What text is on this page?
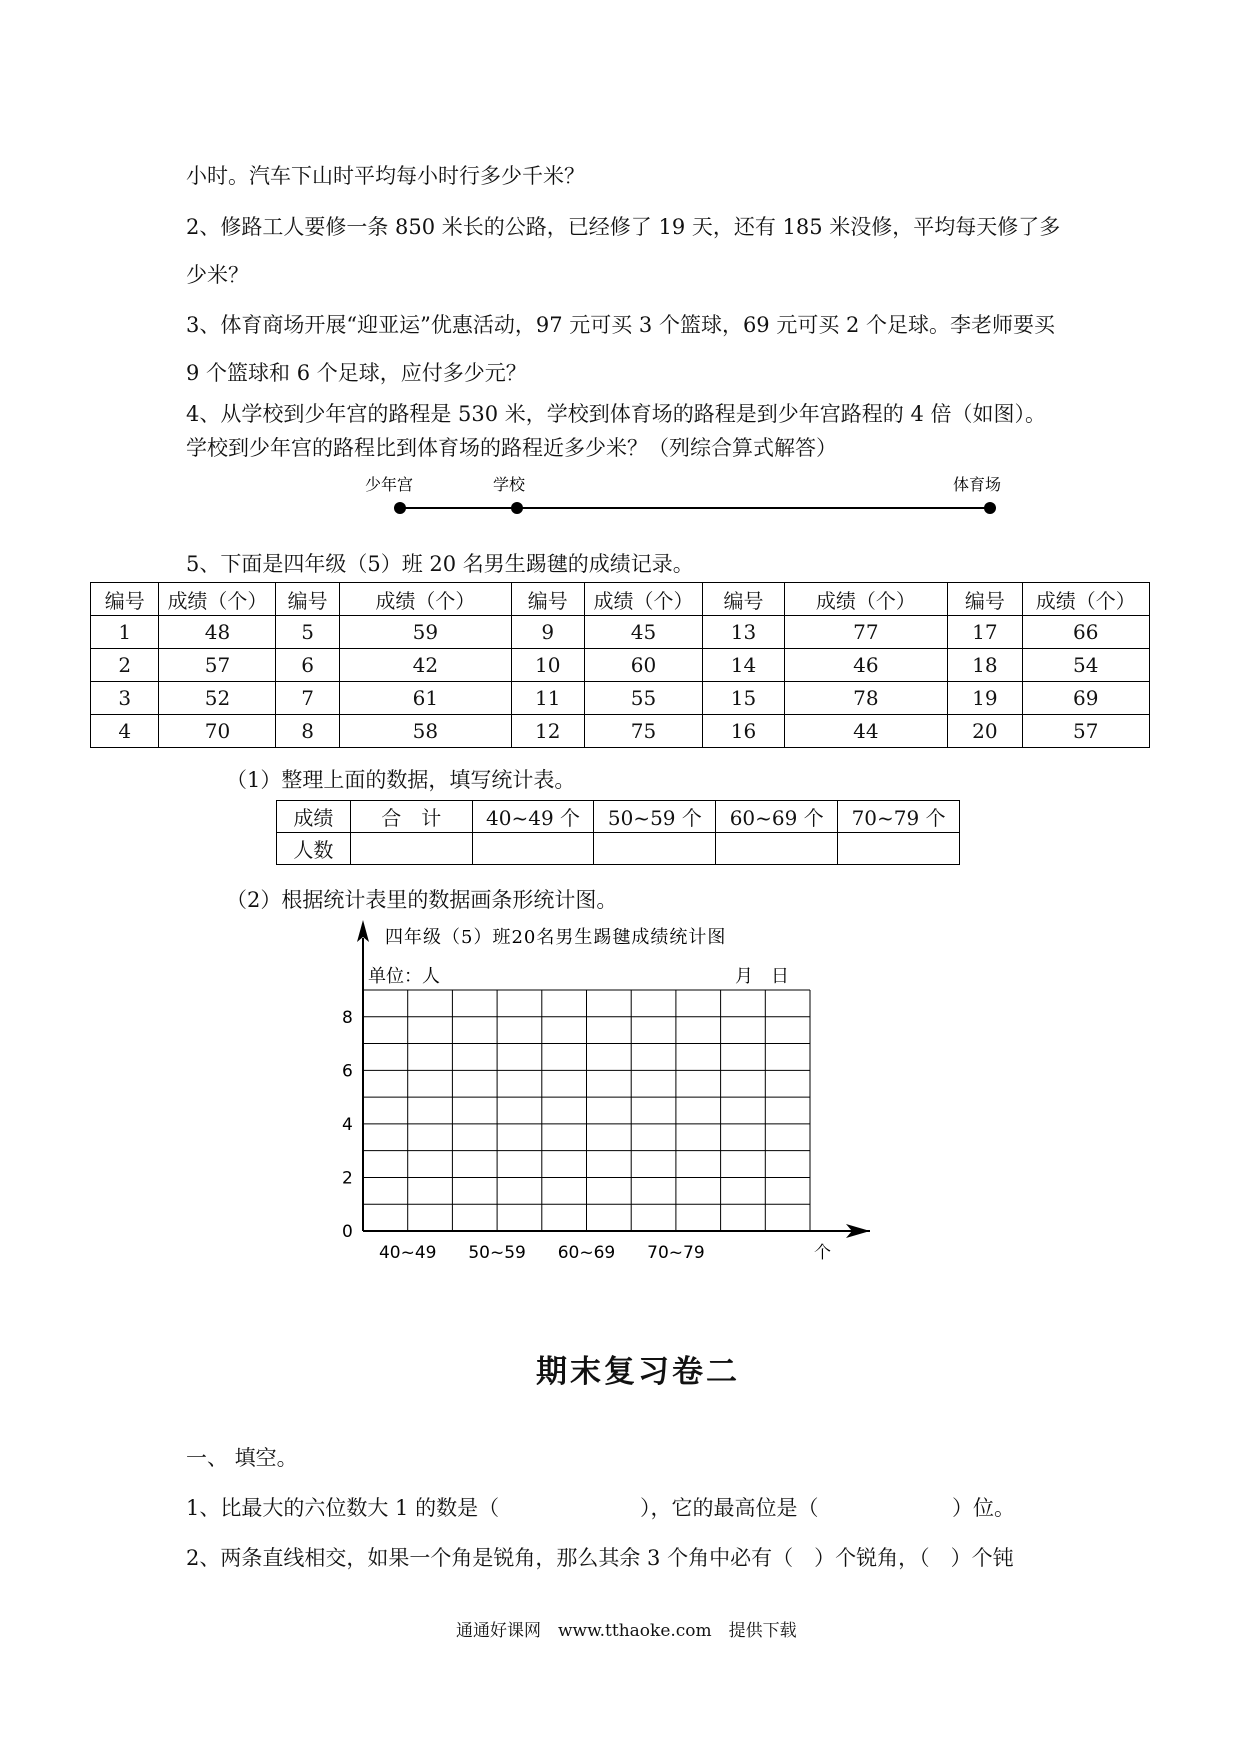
小时。汽车下山时平均每小时行多少千米？

2、修路工人要修一条 850 米长的公路，已经修了 19 天，还有 185 米没修，平均每天修了多

少米？

3、体育商场开展“迎亚运”优惠活动，97 元可买 3 个篮球，69 元可买 2 个足球。李老师要买

9 个篮球和 6 个足球，应付多少元？

4、从学校到少年宫的路程是 530 米，学校到体育场的路程是到少年宫路程的 4 倍（如图）。

学校到少年宫的路程比到体育场的路程近多少米？（列综合算式解答）

少年宫	学校	体育场

5、下面是四年级（5）班 20 名男生踢毽的成绩记录。

编号	成绩（个）	编号	成绩（个）	编号	成绩（个）	编号	成绩（个）	编号	成绩（个）
1	48	5	59	9	45	13	77	17	66
2	57	6	42	10	60	14	46	18	54
3	52	7	61	11	55	15	78	19	69
4	70	8	58	12	75	16	44	20	57

（1）整理上面的数据，填写统计表。

成绩	合　计	40~49 个	50~59 个	60~69 个	70~79 个
人数					

（2）根据统计表里的数据画条形统计图。

四年级（5）班20名男生踢毽成绩统计图
单位：人	月　日
0
2
4
6
8
40~49 50~59 60~69 70~79	个
期末复习卷二

一、 填空。

1、比最大的六位数大 1 的数是（	），它的最高位是（	）位。

2、两条直线相交，如果一个角是锐角，那么其余 3 个角中必有（　）个锐角，（　）个钝

通通好课网　www.tthaoke.com　提供下载
